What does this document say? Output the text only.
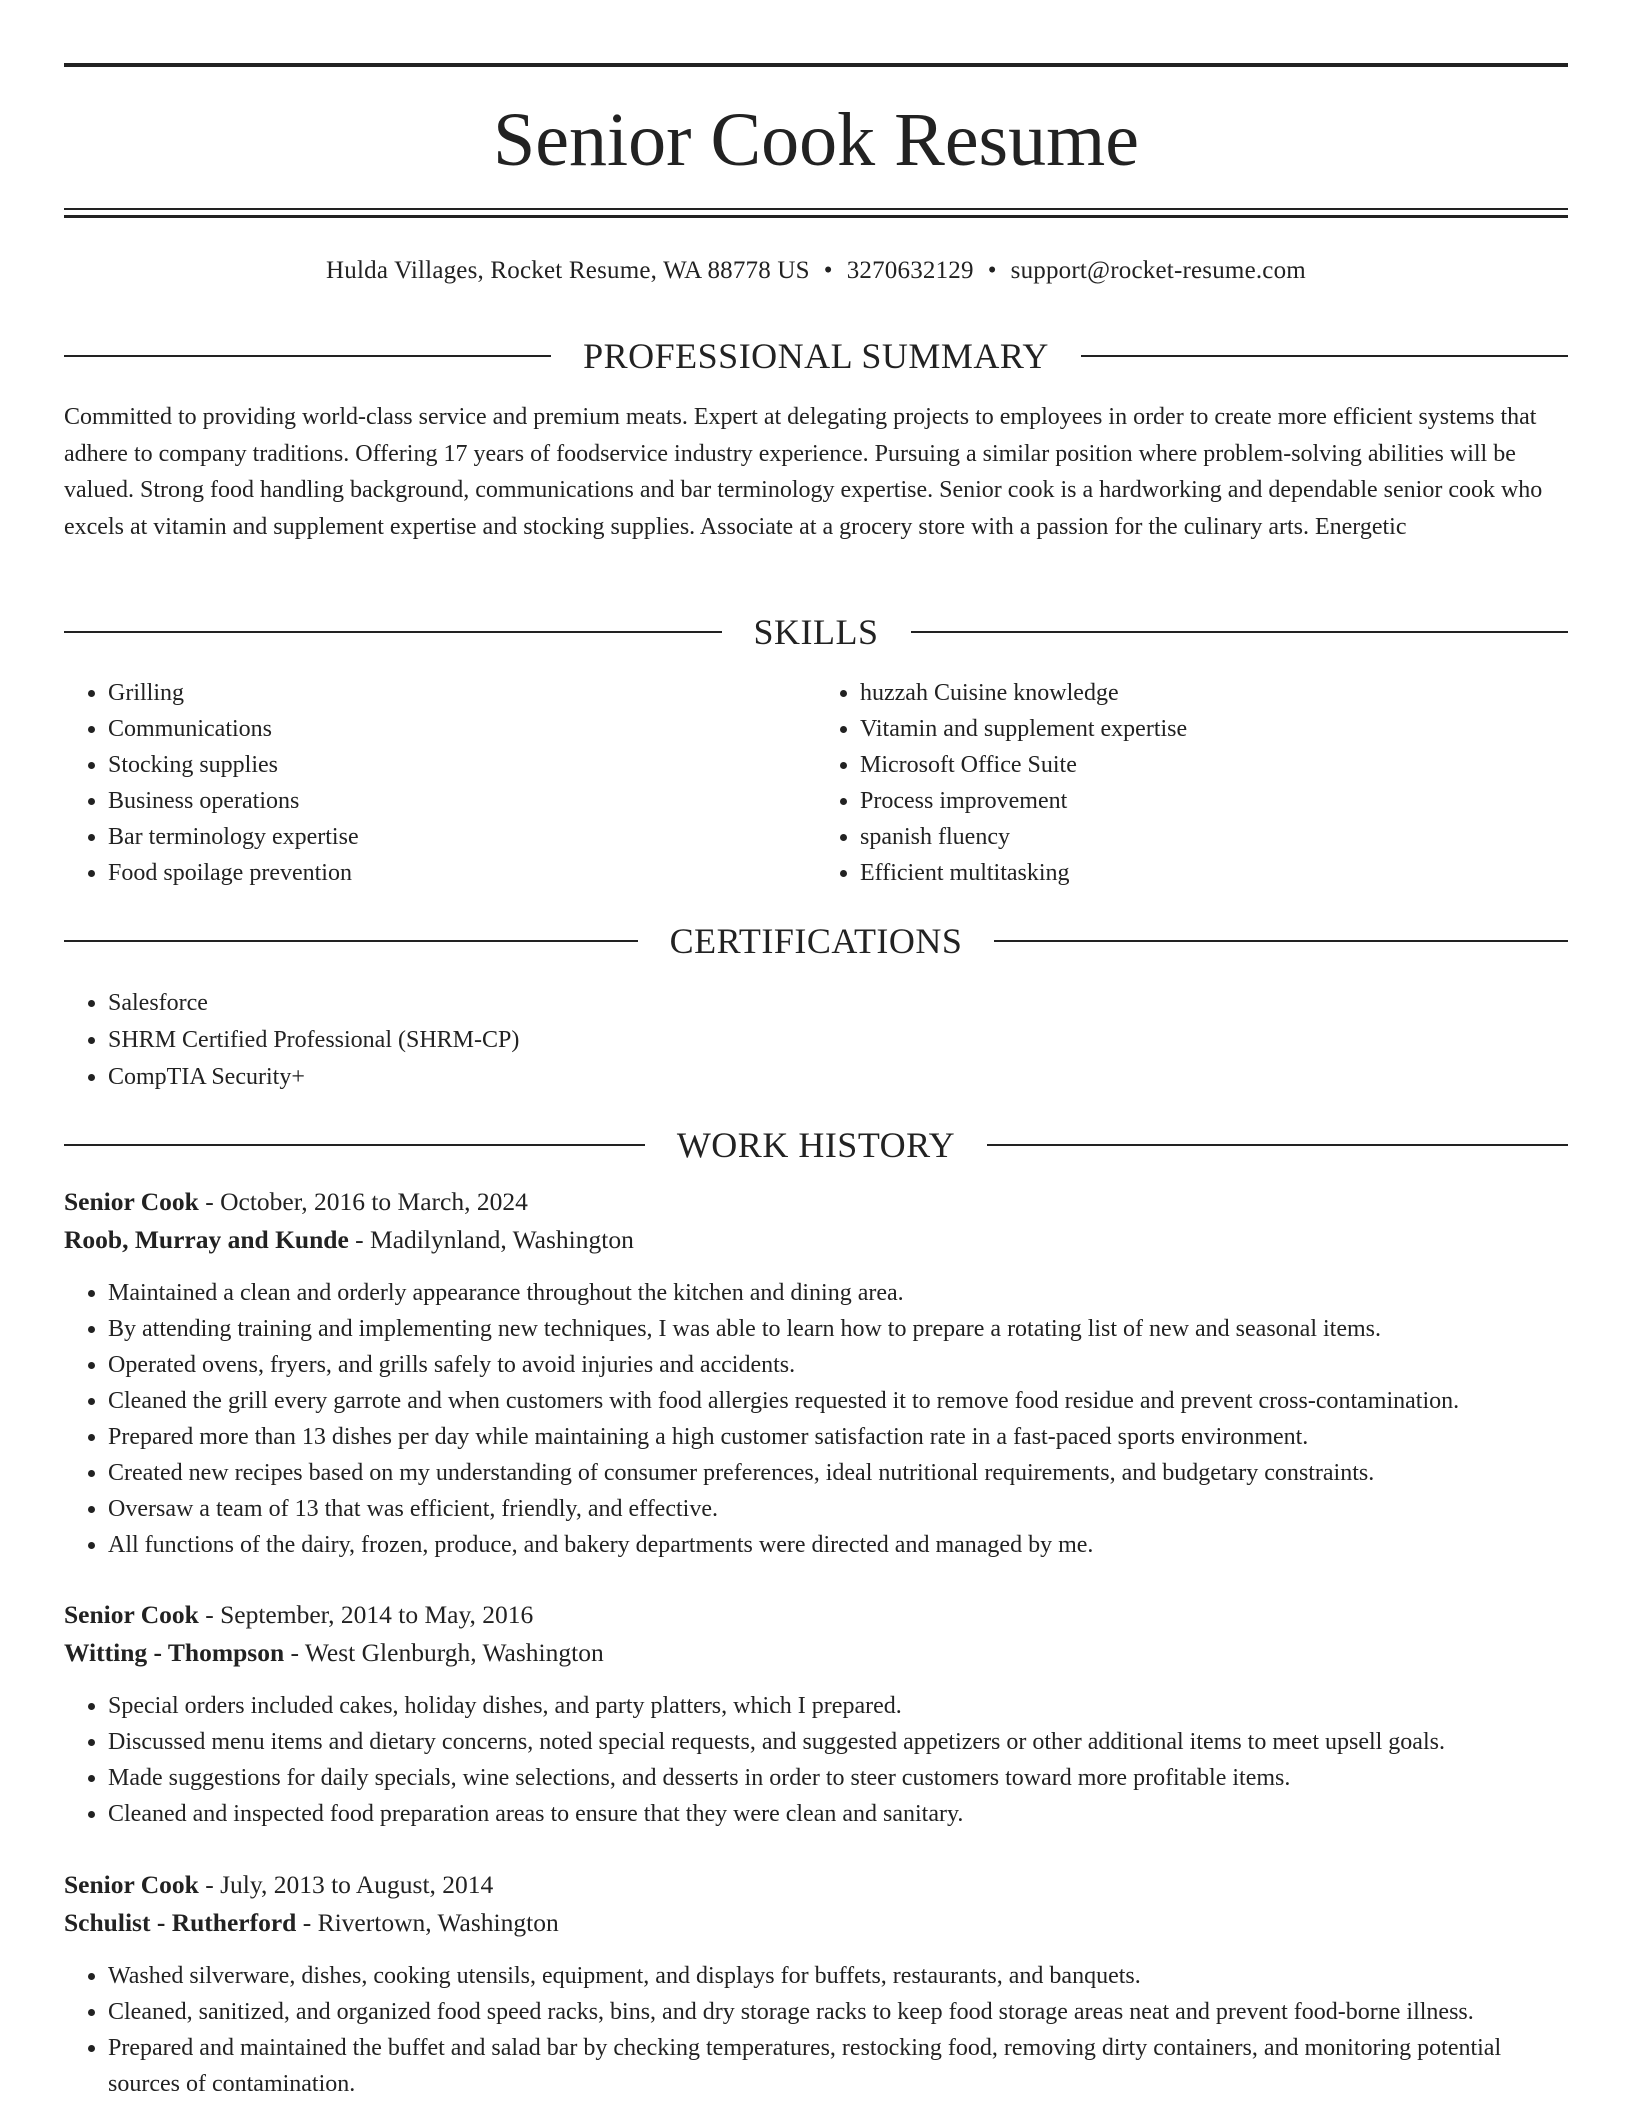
Senior Cook Resume
Hulda Villages, Rocket Resume, WA 88778 US • 3270632129 • support@rocket-resume.com
PROFESSIONAL SUMMARY

Committed to providing world-class service and premium meats. Expert at delegating projects to employees in order to create more efficient systems that adhere to company traditions. Offering 17 years of foodservice industry experience. Pursuing a similar position where problem-solving abilities will be valued. Strong food handling background, communications and bar terminology expertise. Senior cook is a hardworking and dependable senior cook who excels at vitamin and supplement expertise and stocking supplies. Associate at a grocery store with a passion for the culinary arts. Energetic

SKILLS
• Grilling
• Communications
• Stocking supplies
• Business operations
• Bar terminology expertise
• Food spoilage prevention
• huzzah Cuisine knowledge
• Vitamin and supplement expertise
• Microsoft Office Suite
• Process improvement
• spanish fluency
• Efficient multitasking
CERTIFICATIONS
• Salesforce
• SHRM Certified Professional (SHRM-CP)
• CompTIA Security+
WORK HISTORY
Senior Cook - October, 2016 to March, 2024
Roob, Murray and Kunde - Madilynland, Washington
• Maintained a clean and orderly appearance throughout the kitchen and dining area.
• By attending training and implementing new techniques, I was able to learn how to prepare a rotating list of new and seasonal items.
• Operated ovens, fryers, and grills safely to avoid injuries and accidents.
• Cleaned the grill every garrote and when customers with food allergies requested it to remove food residue and prevent cross-contamination.
• Prepared more than 13 dishes per day while maintaining a high customer satisfaction rate in a fast-paced sports environment.
• Created new recipes based on my understanding of consumer preferences, ideal nutritional requirements, and budgetary constraints.
• Oversaw a team of 13 that was efficient, friendly, and effective.
• All functions of the dairy, frozen, produce, and bakery departments were directed and managed by me.
Senior Cook - September, 2014 to May, 2016
Witting - Thompson - West Glenburgh, Washington
• Special orders included cakes, holiday dishes, and party platters, which I prepared.
• Discussed menu items and dietary concerns, noted special requests, and suggested appetizers or other additional items to meet upsell goals.
• Made suggestions for daily specials, wine selections, and desserts in order to steer customers toward more profitable items.
• Cleaned and inspected food preparation areas to ensure that they were clean and sanitary.
Senior Cook - July, 2013 to August, 2014
Schulist - Rutherford - Rivertown, Washington
• Washed silverware, dishes, cooking utensils, equipment, and displays for buffets, restaurants, and banquets.
• Cleaned, sanitized, and organized food speed racks, bins, and dry storage racks to keep food storage areas neat and prevent food-borne illness.
• Prepared and maintained the buffet and salad bar by checking temperatures, restocking food, removing dirty containers, and monitoring potential sources of contamination.
